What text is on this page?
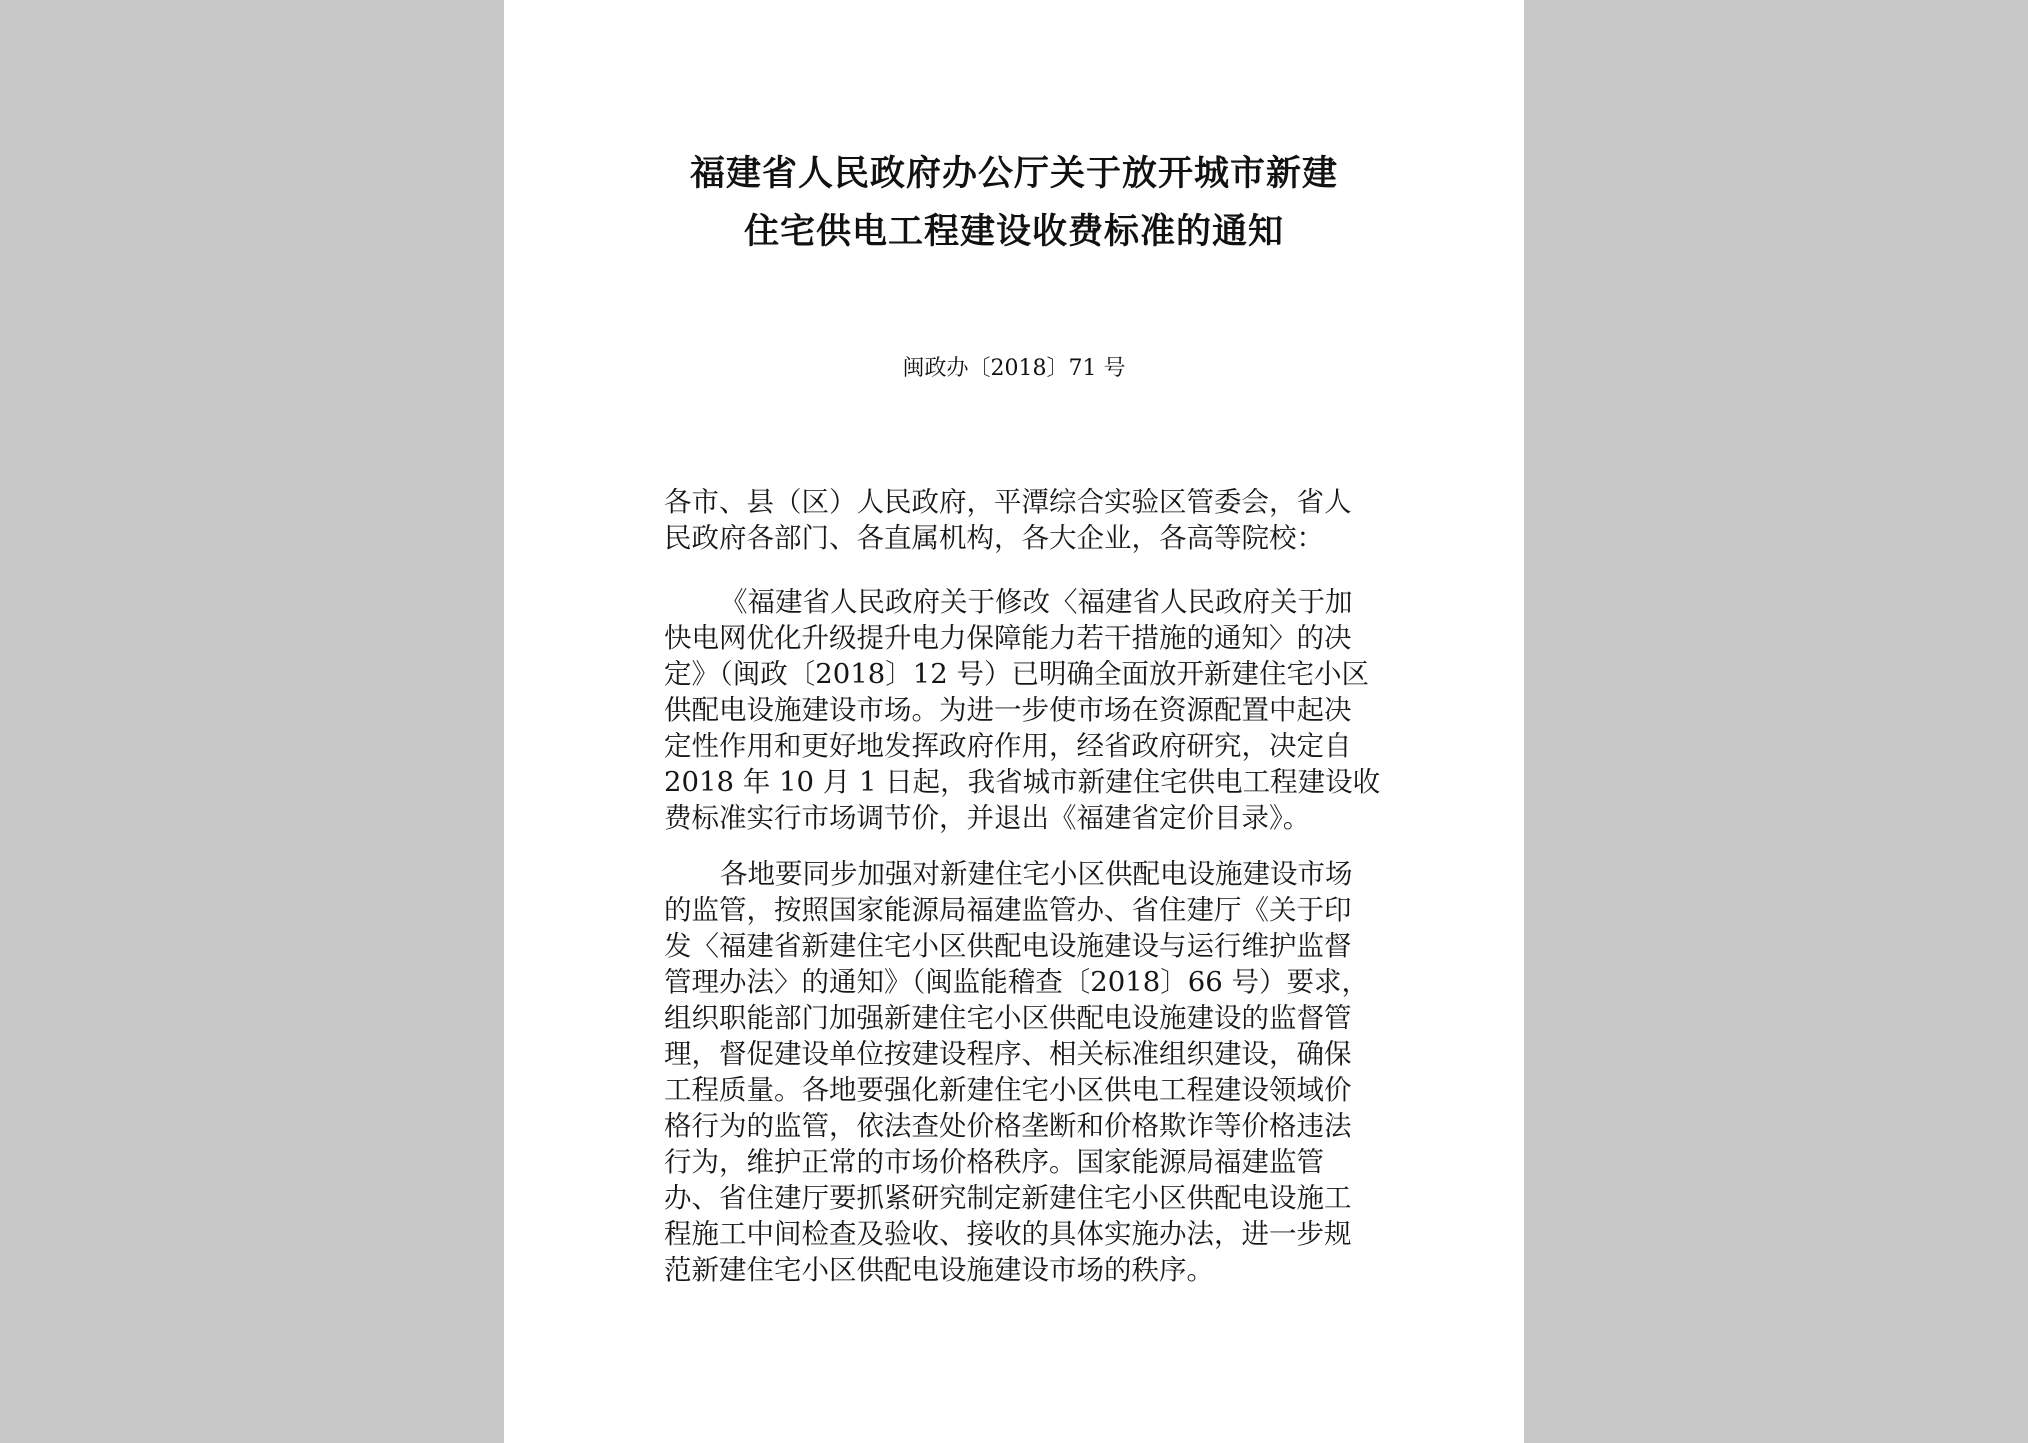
福建省人民政府办公厅关于放开城市新建
住宅供电工程建设收费标准的通知
闽政办〔2018〕71 号
各市、县（区）人民政府，平潭综合实验区管委会，省人
民政府各部门、各直属机构，各大企业，各高等院校：
《福建省人民政府关于修改〈福建省人民政府关于加
快电网优化升级提升电力保障能力若干措施的通知〉的决
定》（闽政〔2018〕12 号）已明确全面放开新建住宅小区
供配电设施建设市场。为进一步使市场在资源配置中起决
定性作用和更好地发挥政府作用，经省政府研究，决定自
2018 年 10 月 1 日起，我省城市新建住宅供电工程建设收
费标准实行市场调节价，并退出《福建省定价目录》。
各地要同步加强对新建住宅小区供配电设施建设市场
的监管，按照国家能源局福建监管办、省住建厅《关于印
发〈福建省新建住宅小区供配电设施建设与运行维护监督
管理办法〉的通知》（闽监能稽查〔2018〕66 号）要求，
组织职能部门加强新建住宅小区供配电设施建设的监督管
理，督促建设单位按建设程序、相关标准组织建设，确保
工程质量。各地要强化新建住宅小区供电工程建设领域价
格行为的监管，依法查处价格垄断和价格欺诈等价格违法
行为，维护正常的市场价格秩序。国家能源局福建监管
办、省住建厅要抓紧研究制定新建住宅小区供配电设施工
程施工中间检查及验收、接收的具体实施办法，进一步规
范新建住宅小区供配电设施建设市场的秩序。
